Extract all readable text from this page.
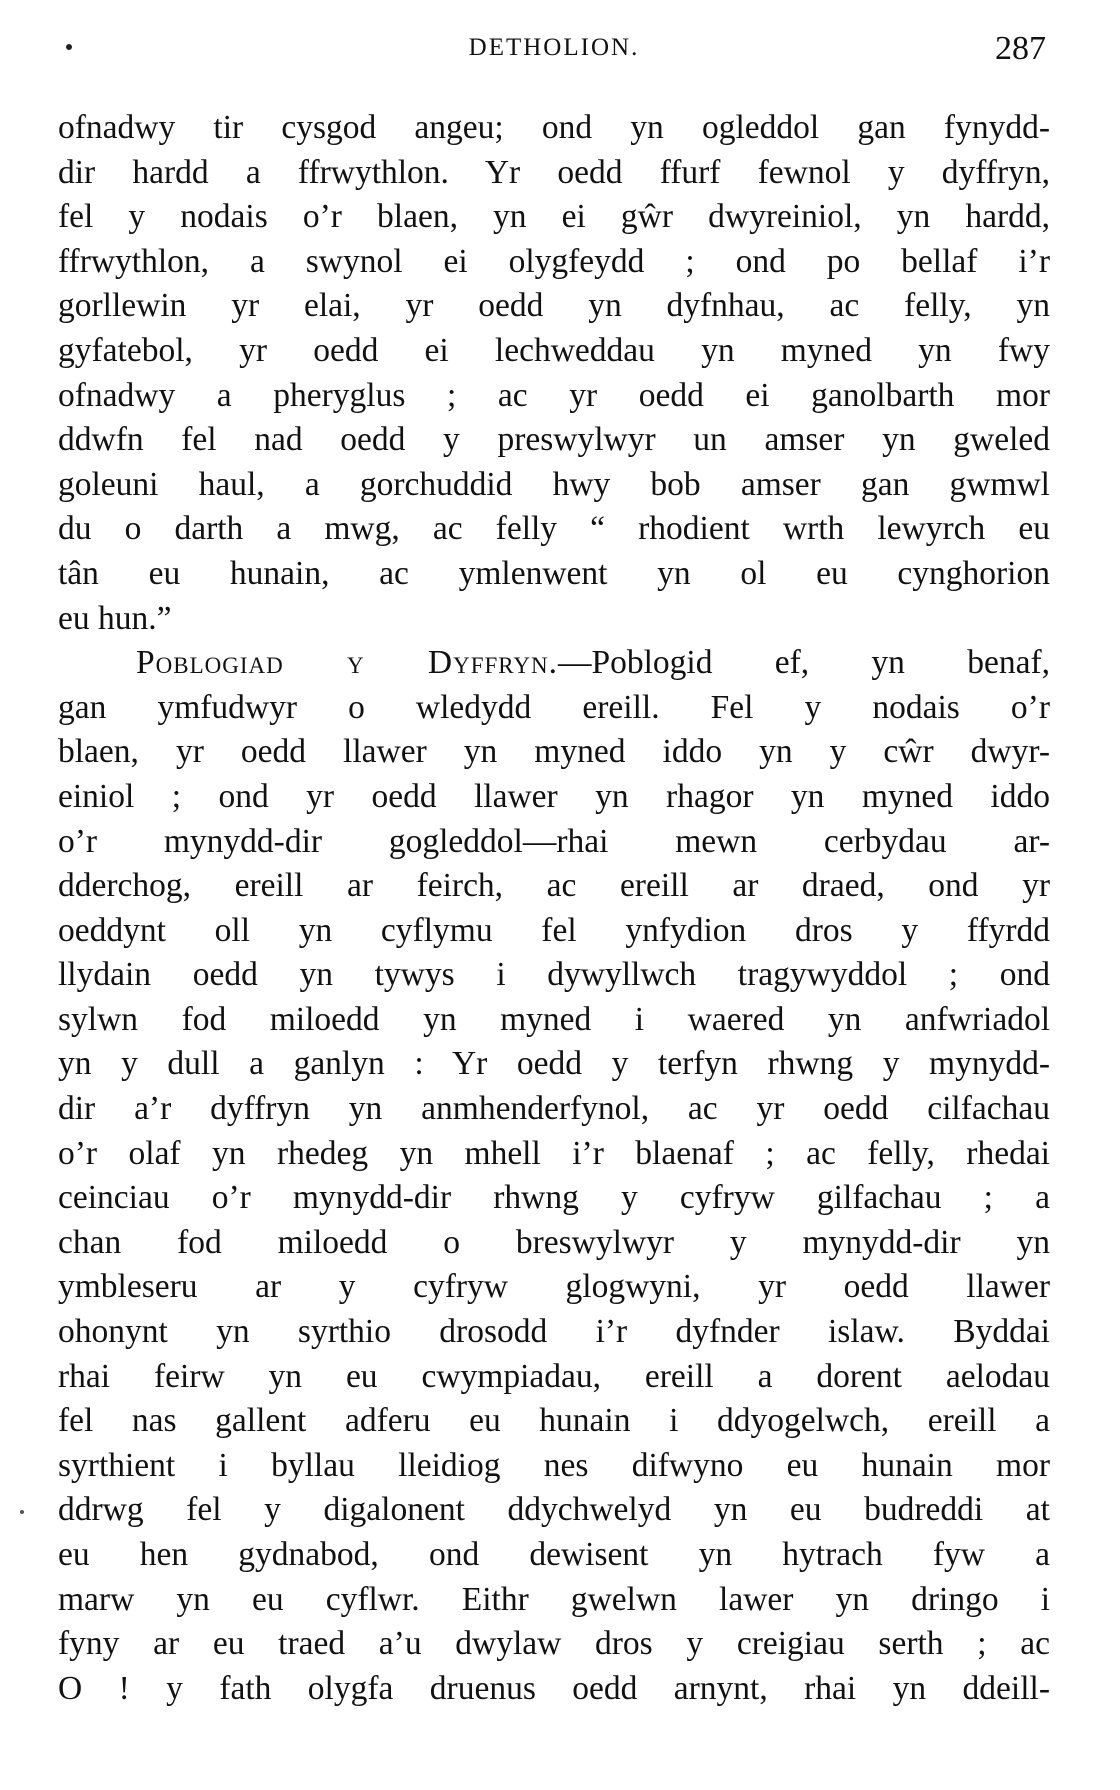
DETHOLION.	287
ofnadwy tir cysgod angeu; ond yn ogleddol gan fynydd-
dir hardd a ffrwythlon. Yr oedd ffurf fewnol y dyffryn,
fel y nodais o’r blaen, yn ei gŵr dwyreiniol, yn hardd,
ffrwythlon, a swynol ei olygfeydd ; ond po bellaf i’r
gorllewin yr elai, yr oedd yn dyfnhau, ac felly, yn
gyfatebol, yr oedd ei lechweddau yn myned yn fwy
ofnadwy a pheryglus ; ac yr oedd ei ganolbarth mor
ddwfn fel nad oedd y preswylwyr un amser yn gweled
goleuni haul, a gorchuddid hwy bob amser gan gwmwl
du o darth a mwg, ac felly “ rhodient wrth lewyrch eu
tân eu hunain, ac ymlenwent yn ol eu cynghorion
eu hun.”
Poblogiad y Dyffryn.—Poblogid ef, yn benaf,
gan ymfudwyr o wledydd ereill. Fel y nodais o’r
blaen, yr oedd llawer yn myned iddo yn y cŵr dwyr-
einiol ; ond yr oedd llawer yn rhagor yn myned iddo
o’r mynydd-dir gogleddol—rhai mewn cerbydau ar-
dderchog, ereill ar feirch, ac ereill ar draed, ond yr
oeddynt oll yn cyflymu fel ynfydion dros y ffyrdd
llydain oedd yn tywys i dywyllwch tragywyddol ; ond
sylwn fod miloedd yn myned i waered yn anfwriadol
yn y dull a ganlyn : Yr oedd y terfyn rhwng y mynydd-
dir a’r dyffryn yn anmhenderfynol, ac yr oedd cilfachau
o’r olaf yn rhedeg yn mhell i’r blaenaf ; ac felly, rhedai
ceinciau o’r mynydd-dir rhwng y cyfryw gilfachau ; a
chan fod miloedd o breswylwyr y mynydd-dir yn
ymbleseru ar y cyfryw glogwyni, yr oedd llawer
ohonynt yn syrthio drosodd i’r dyfnder islaw. Byddai
rhai feirw yn eu cwympiadau, ereill a dorent aelodau
fel nas gallent adferu eu hunain i ddyogelwch, ereill a
syrthient i byllau lleidiog nes difwyno eu hunain mor
ddrwg fel y digalonent ddychwelyd yn eu budreddi at
eu hen gydnabod, ond dewisent yn hytrach fyw a
marw yn eu cyflwr. Eithr gwelwn lawer yn dringo i
fyny ar eu traed a’u dwylaw dros y creigiau serth ; ac
O ! y fath olygfa druenus oedd arnynt, rhai yn ddeill-
